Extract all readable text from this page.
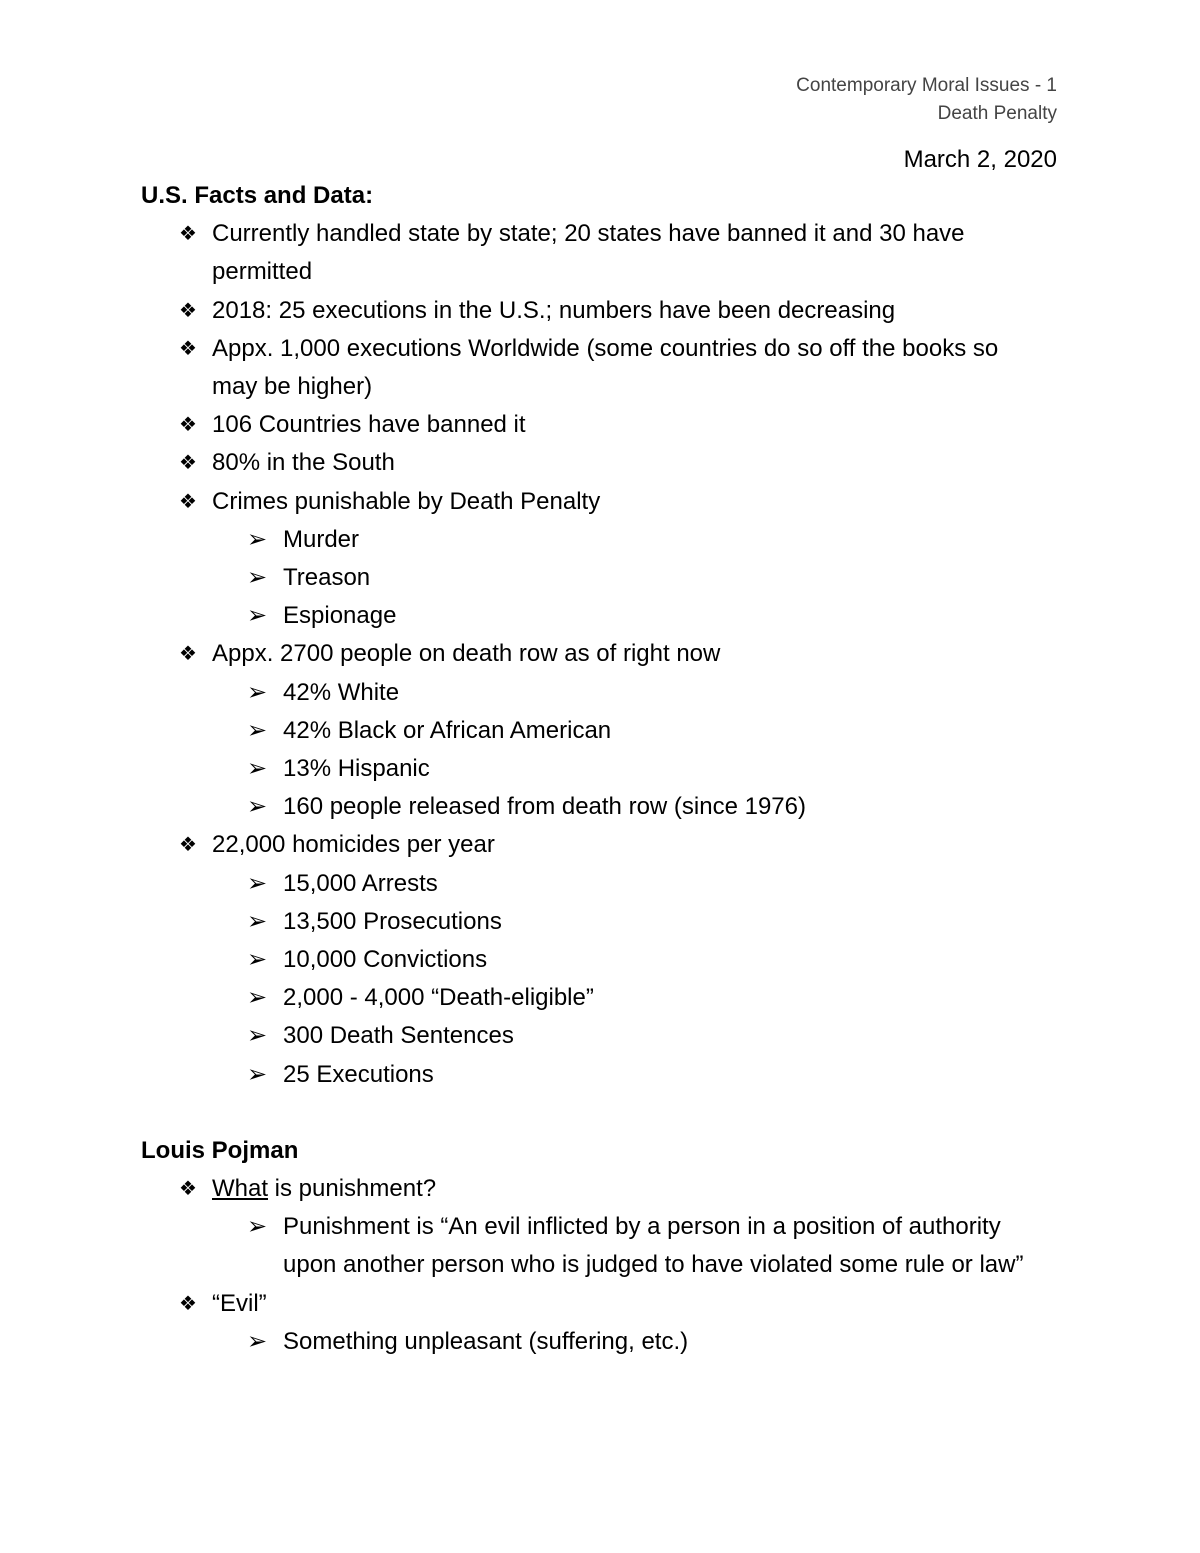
Contemporary Moral Issues - 1
Death Penalty
March 2, 2020

U.S. Facts and Data:

❖ Currently handled state by state; 20 states have banned it and 30 have permitted
❖ 2018: 25 executions in the U.S.; numbers have been decreasing
❖ Appx. 1,000 executions Worldwide (some countries do so off the books so may be higher)
❖ 106 Countries have banned it
❖ 80% in the South
❖ Crimes punishable by Death Penalty
➢ Murder
➢ Treason
➢ Espionage
❖ Appx. 2700 people on death row as of right now
➢ 42% White
➢ 42% Black or African American
➢ 13% Hispanic
➢ 160 people released from death row (since 1976)
❖ 22,000 homicides per year
➢ 15,000 Arrests
➢ 13,500 Prosecutions
➢ 10,000 Convictions
➢ 2,000 - 4,000 “Death-eligible”
➢ 300 Death Sentences
➢ 25 Executions

Louis Pojman

❖ What is punishment?
➢ Punishment is “An evil inflicted by a person in a position of authority upon another person who is judged to have violated some rule or law”
❖ “Evil”
➢ Something unpleasant (suffering, etc.)
